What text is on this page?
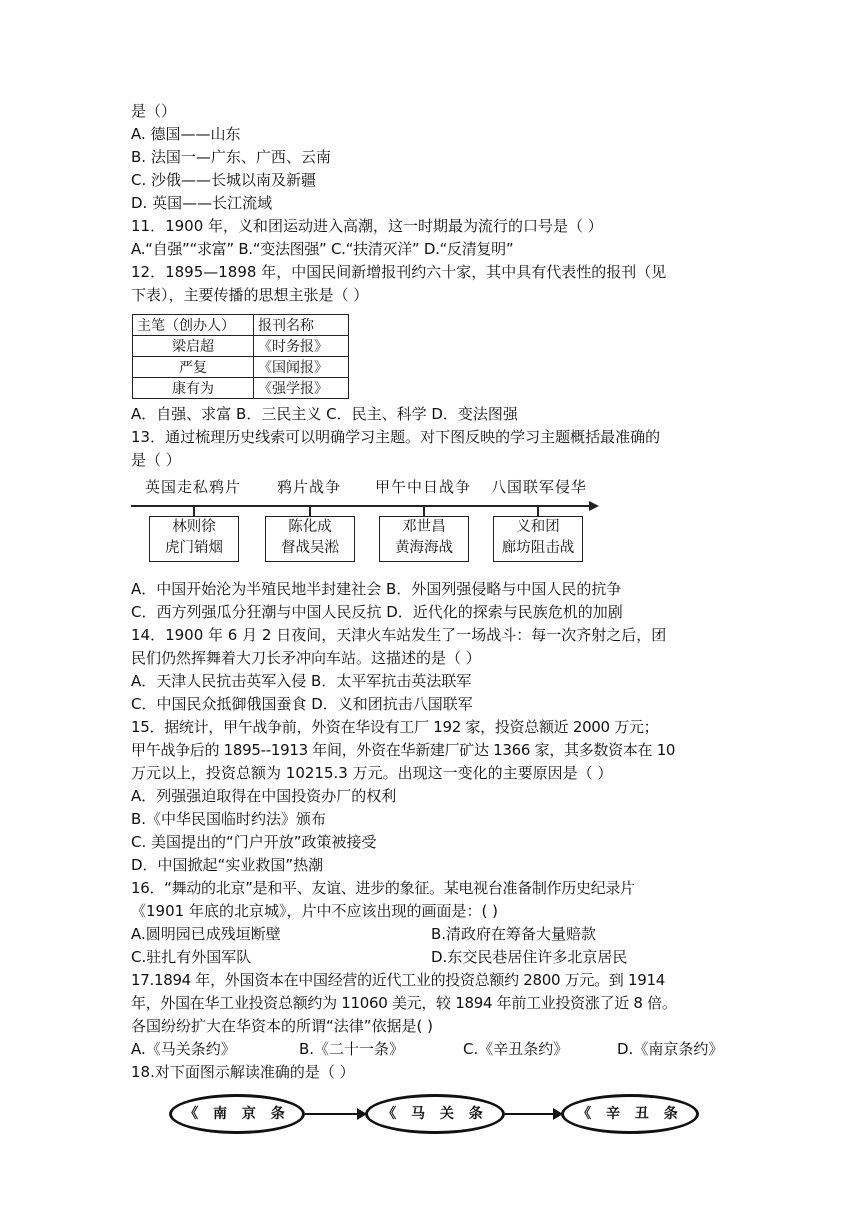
是（）
A. 德国——山东
B. 法国一—广东、广西、云南
C. 沙俄——长城以南及新疆
D. 英国——长江流域
11．1900 年，义和团运动进入高潮，这一时期最为流行的口号是（ ）
A.“自强”“求富” B.“变法图强” C.“扶清灭洋” D.“反清复明”
12．1895—1898 年，中国民间新增报刊约六十家，其中具有代表性的报刊（见
下表），主要传播的思想主张是（ ）
主笔（创办人）	报刊名称
梁启超	《时务报》
严复	《国闻报》
康有为	《强学报》
A．自强、求富 B．三民主义 C．民主、科学 D．变法图强
13．通过梳理历史线索可以明确学习主题。对下图反映的学习主题概括最准确的
是（ ）
英国走私鸦片
林则徐
虎门销烟
鸦片战争
陈化成
督战吴淞
甲午中日战争
邓世昌
黄海海战
八国联军侵华
义和团
廊坊阻击战
A．中国开始沦为半殖民地半封建社会 B．外国列强侵略与中国人民的抗争
C．西方列强瓜分狂潮与中国人民反抗 D．近代化的探索与民族危机的加剧
14．1900 年 6 月 2 日夜间，天津火车站发生了一场战斗：每一次齐射之后，团
民们仍然挥舞着大刀长矛冲向车站。这描述的是（ ）
A．天津人民抗击英军入侵 B．太平军抗击英法联军
C．中国民众抵御俄国蚕食 D．义和团抗击八国联军
15．据统计，甲午战争前，外资在华设有工厂 192 家，投资总额近 2000 万元；
甲午战争后的 1895--1913 年间，外资在华新建厂矿达 1366 家，其多数资本在 10
万元以上，投资总额为 10215.3 万元。出现这一变化的主要原因是（ ）
A．列强强迫取得在中国投资办厂的权利
B.《中华民国临时约法》颁布
C. 美国提出的“门户开放”政策被接受
D．中国掀起“实业救国”热潮
16．“舞动的北京”是和平、友谊、进步的象征。某电视台准备制作历史纪录片
《1901 年底的北京城》，片中不应该出现的画面是：( )
A.圆明园已成残垣断壁	B.清政府在筹备大量赔款
C.驻扎有外国军队	D.东交民巷居住许多北京居民
17.1894 年，外国资本在中国经营的近代工业的投资总额约 2800 万元。到 1914
年，外国在华工业投资总额约为 11060 美元，较 1894 年前工业投资涨了近 8 倍。
各国纷纷扩大在华资本的所谓“法律”依据是( )
A.《马关条约》	B.《二十一条》	C.《辛丑条约》	D.《南京条约》
18.对下面图示解读准确的是（ ）
《 南 京 条	《 马 关 条	《 辛 丑 条
